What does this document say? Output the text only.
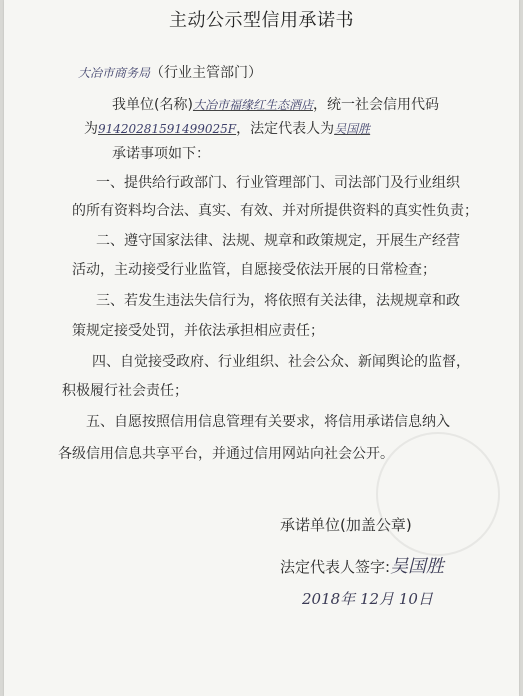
主动公示型信用承诺书
大冶市商务局（行业主管部门）
我单位(名称)大冶市福缘红生态酒店，统一社会信用代码
为91420281591499025F，法定代表人为吴国胜
承诺事项如下：
一、提供给行政部门、行业管理部门、司法部门及行业组织
的所有资料均合法、真实、有效、并对所提供资料的真实性负责；
二、遵守国家法律、法规、规章和政策规定，开展生产经营
活动，主动接受行业监管，自愿接受依法开展的日常检查；
三、若发生违法失信行为，将依照有关法律，法规规章和政
策规定接受处罚，并依法承担相应责任；
四、自觉接受政府、行业组织、社会公众、新闻舆论的监督，
积极履行社会责任；
五、自愿按照信用信息管理有关要求，将信用承诺信息纳入
各级信用信息共享平台，并通过信用网站向社会公开。
承诺单位(加盖公章)
法定代表人签字:吴国胜
2018年 12月 10日
